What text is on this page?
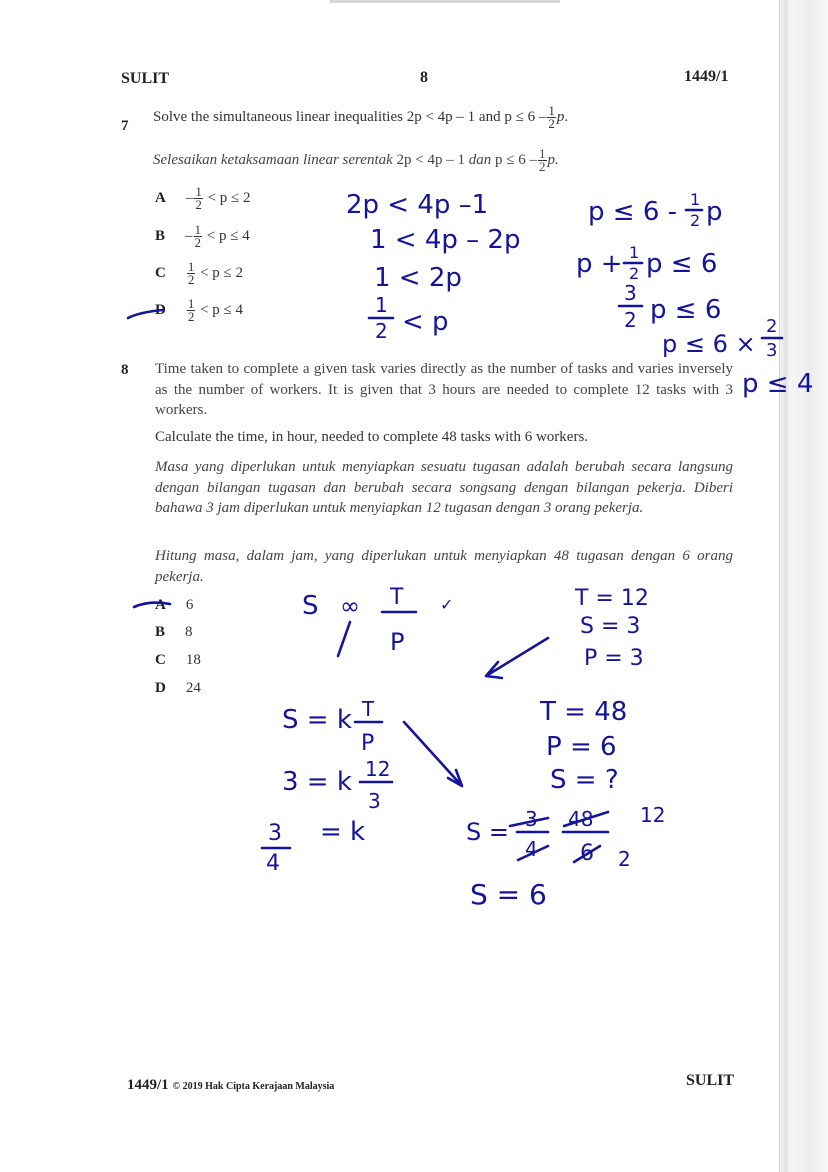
SULIT	8	1449/1
7
Solve the simultaneous linear inequalities 2p < 4p – 1 and $p \le 6 - \frac{1}{2} p$.
Selesaikan ketaksamaan linear serentak 2p < 4p – 1 dan $p \le 6 - \frac{1}{2} p$.
$A - \frac{1}{2} < p \le 2$
$B - \frac{1}{2} < p \le 4$
C $\frac{1}{2} < p \le 2$
D $\frac{1}{2} < p \le 4$
8 Time taken to complete a given task varies directly as the number of tasks and varies inversely as the number of workers. It is given that 3 hours are needed to complete 12 tasks with 3 workers.
Calculate the time, in hour, needed to complete 48 tasks with 6 workers.
Masa yang diperlukan untuk menyiapkan sesuatu tugasan adalah berubah secara langsung dengan bilangan tugasan dan berubah secara songsang dengan bilangan pekerja. Diberi bahawa 3 jam diperlukan untuk menyiapkan 12 tugasan dengan 3 orang pekerja.
Hitung masa, dalam jam, yang diperlukan untuk menyiapkan 48 tugasan dengan 6 orang pekerja.
A 6
B 8
C 18
D 24
2p < 4p –1
1 < 4p – 2p
1 < 2p
1
2 < p
p ≤ 6 - 1
2 p
p + 1
2 p ≤ 6
3
2 p ≤ 6
p ≤ 6 ×
2
3
p ≤ 4
S ∞ T
P
✓	T = 12
S = 3
P = 3
S = k T
P
3 = k 12
3
3
4
= k
T = 48
P = 6
S = ?
S = 3
4
48
6
12
2
S = 6
1449/1 © 2019 Hak Cipta Kerajaan Malaysia	SULIT
